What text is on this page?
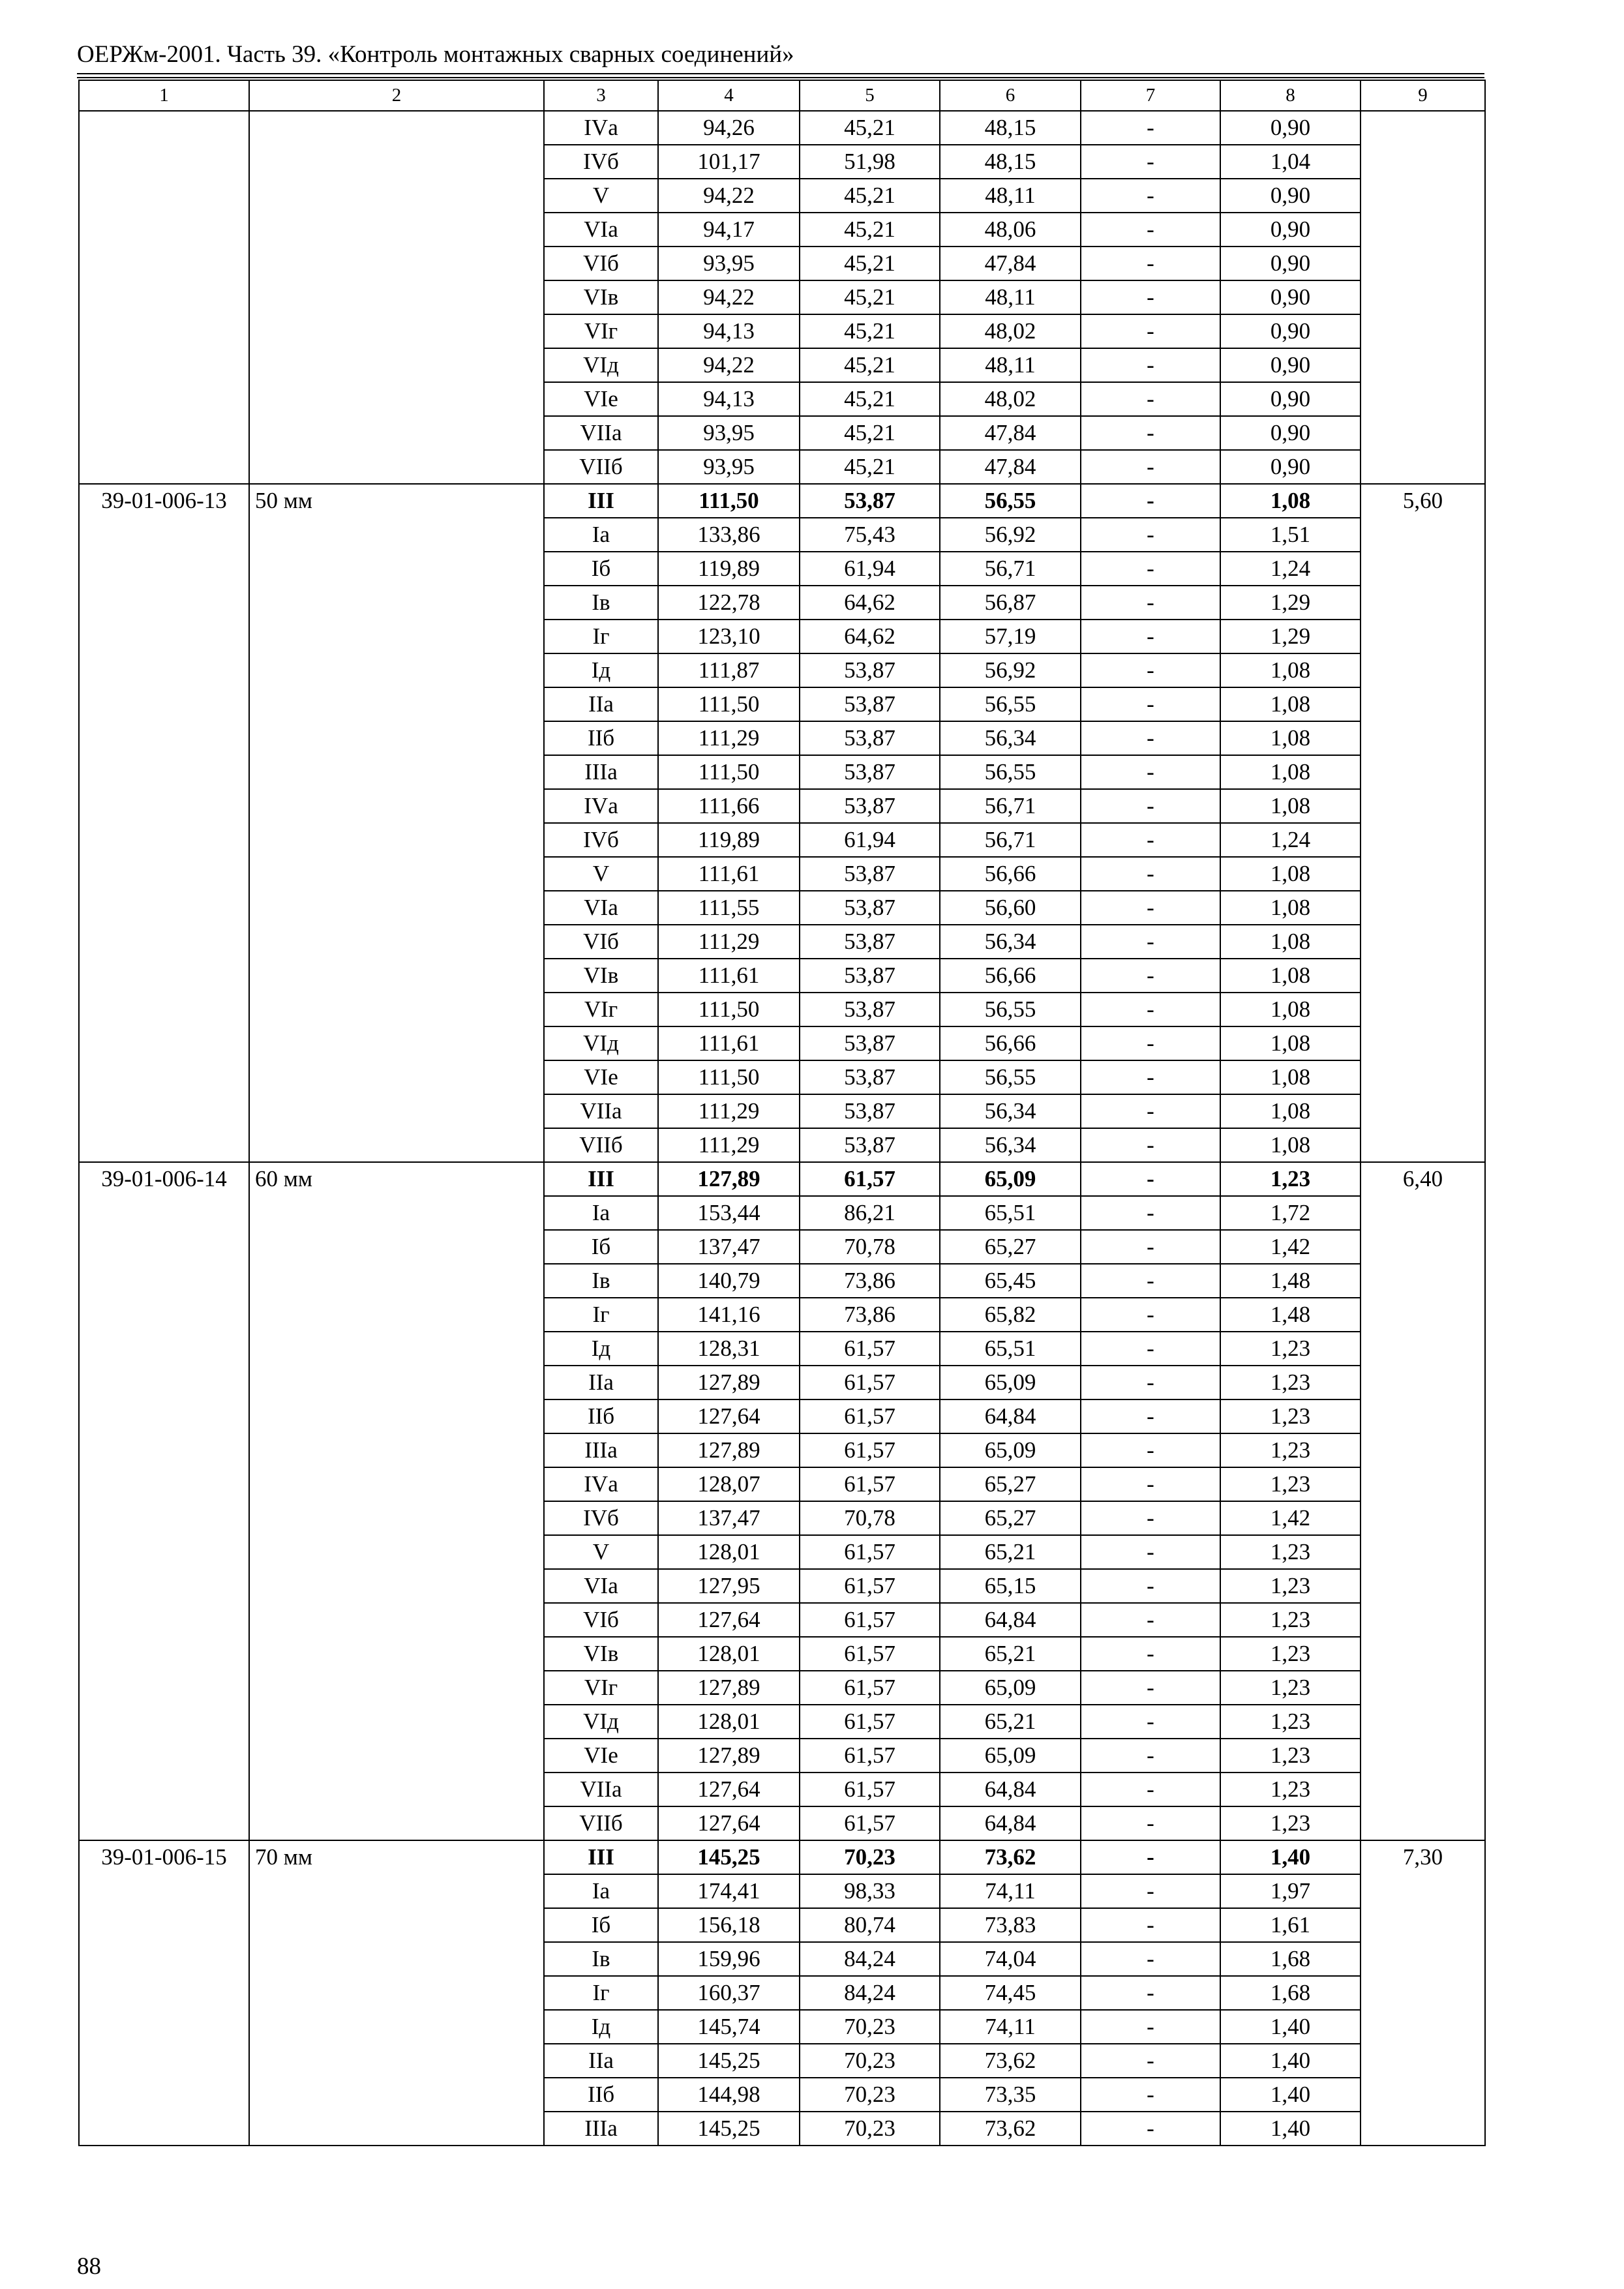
ОЕРЖм-2001. Часть 39. «Контроль монтажных сварных соединений»
1	2	3	4	5	6	7	8	9
		IVа	94,26	45,21	48,15	-	0,90	
		IVб	101,17	51,98	48,15	-	1,04	
		V	94,22	45,21	48,11	-	0,90	
		VIа	94,17	45,21	48,06	-	0,90	
		VIб	93,95	45,21	47,84	-	0,90	
		VIв	94,22	45,21	48,11	-	0,90	
		VIг	94,13	45,21	48,02	-	0,90	
		VIд	94,22	45,21	48,11	-	0,90	
		VIе	94,13	45,21	48,02	-	0,90	
		VIIа	93,95	45,21	47,84	-	0,90	
		VIIб	93,95	45,21	47,84	-	0,90	
39-01-006-13	50 мм	III	111,50	53,87	56,55	-	1,08	5,60
		Iа	133,86	75,43	56,92	-	1,51	
		Iб	119,89	61,94	56,71	-	1,24	
		Iв	122,78	64,62	56,87	-	1,29	
		Iг	123,10	64,62	57,19	-	1,29	
		Iд	111,87	53,87	56,92	-	1,08	
		IIа	111,50	53,87	56,55	-	1,08	
		IIб	111,29	53,87	56,34	-	1,08	
		IIIа	111,50	53,87	56,55	-	1,08	
		IVа	111,66	53,87	56,71	-	1,08	
		IVб	119,89	61,94	56,71	-	1,24	
		V	111,61	53,87	56,66	-	1,08	
		VIа	111,55	53,87	56,60	-	1,08	
		VIб	111,29	53,87	56,34	-	1,08	
		VIв	111,61	53,87	56,66	-	1,08	
		VIг	111,50	53,87	56,55	-	1,08	
		VIд	111,61	53,87	56,66	-	1,08	
		VIе	111,50	53,87	56,55	-	1,08	
		VIIа	111,29	53,87	56,34	-	1,08	
		VIIб	111,29	53,87	56,34	-	1,08	
39-01-006-14	60 мм	III	127,89	61,57	65,09	-	1,23	6,40
		Iа	153,44	86,21	65,51	-	1,72	
		Iб	137,47	70,78	65,27	-	1,42	
		Iв	140,79	73,86	65,45	-	1,48	
		Iг	141,16	73,86	65,82	-	1,48	
		Iд	128,31	61,57	65,51	-	1,23	
		IIа	127,89	61,57	65,09	-	1,23	
		IIб	127,64	61,57	64,84	-	1,23	
		IIIа	127,89	61,57	65,09	-	1,23	
		IVа	128,07	61,57	65,27	-	1,23	
		IVб	137,47	70,78	65,27	-	1,42	
		V	128,01	61,57	65,21	-	1,23	
		VIа	127,95	61,57	65,15	-	1,23	
		VIб	127,64	61,57	64,84	-	1,23	
		VIв	128,01	61,57	65,21	-	1,23	
		VIг	127,89	61,57	65,09	-	1,23	
		VIд	128,01	61,57	65,21	-	1,23	
		VIе	127,89	61,57	65,09	-	1,23	
		VIIа	127,64	61,57	64,84	-	1,23	
		VIIб	127,64	61,57	64,84	-	1,23	
39-01-006-15	70 мм	III	145,25	70,23	73,62	-	1,40	7,30
		Iа	174,41	98,33	74,11	-	1,97	
		Iб	156,18	80,74	73,83	-	1,61	
		Iв	159,96	84,24	74,04	-	1,68	
		Iг	160,37	84,24	74,45	-	1,68	
		Iд	145,74	70,23	74,11	-	1,40	
		IIа	145,25	70,23	73,62	-	1,40	
		IIб	144,98	70,23	73,35	-	1,40	
		IIIа	145,25	70,23	73,62	-	1,40	
88
